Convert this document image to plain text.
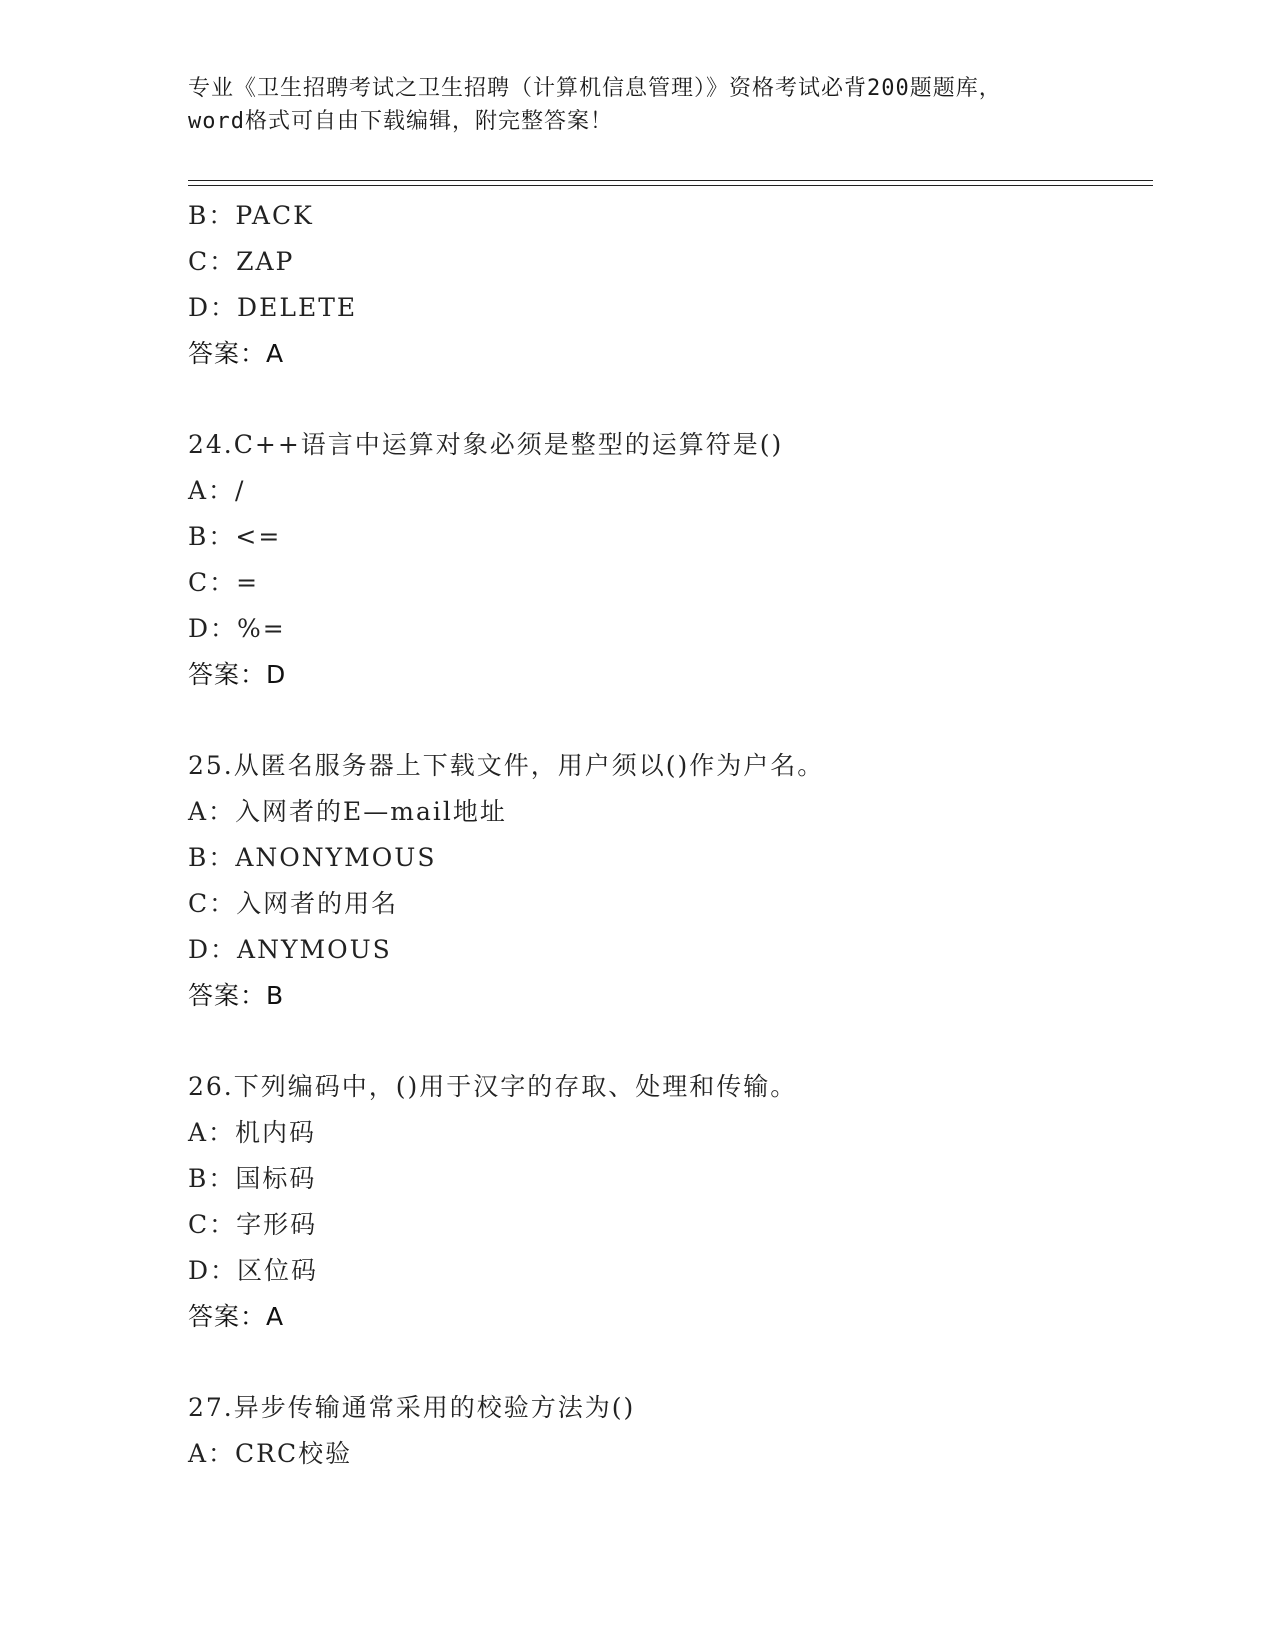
专业《卫生招聘考试之卫生招聘（计算机信息管理）》资格考试必背200题题库，
word格式可自由下载编辑，附完整答案！
B：PACK
C：ZAP
D：DELETE
答案：A
24.C++语言中运算对象必须是整型的运算符是()
A：/
B：<=
C：=
D：%=
答案：D
25.从匿名服务器上下载文件，用户须以()作为户名。
A：入网者的E—mail地址
B：ANONYMOUS
C：入网者的用名
D：ANYMOUS
答案：B
26.下列编码中，()用于汉字的存取、处理和传输。
A：机内码
B：国标码
C：字形码
D：区位码
答案：A
27.异步传输通常采用的校验方法为()
A：CRC校验
